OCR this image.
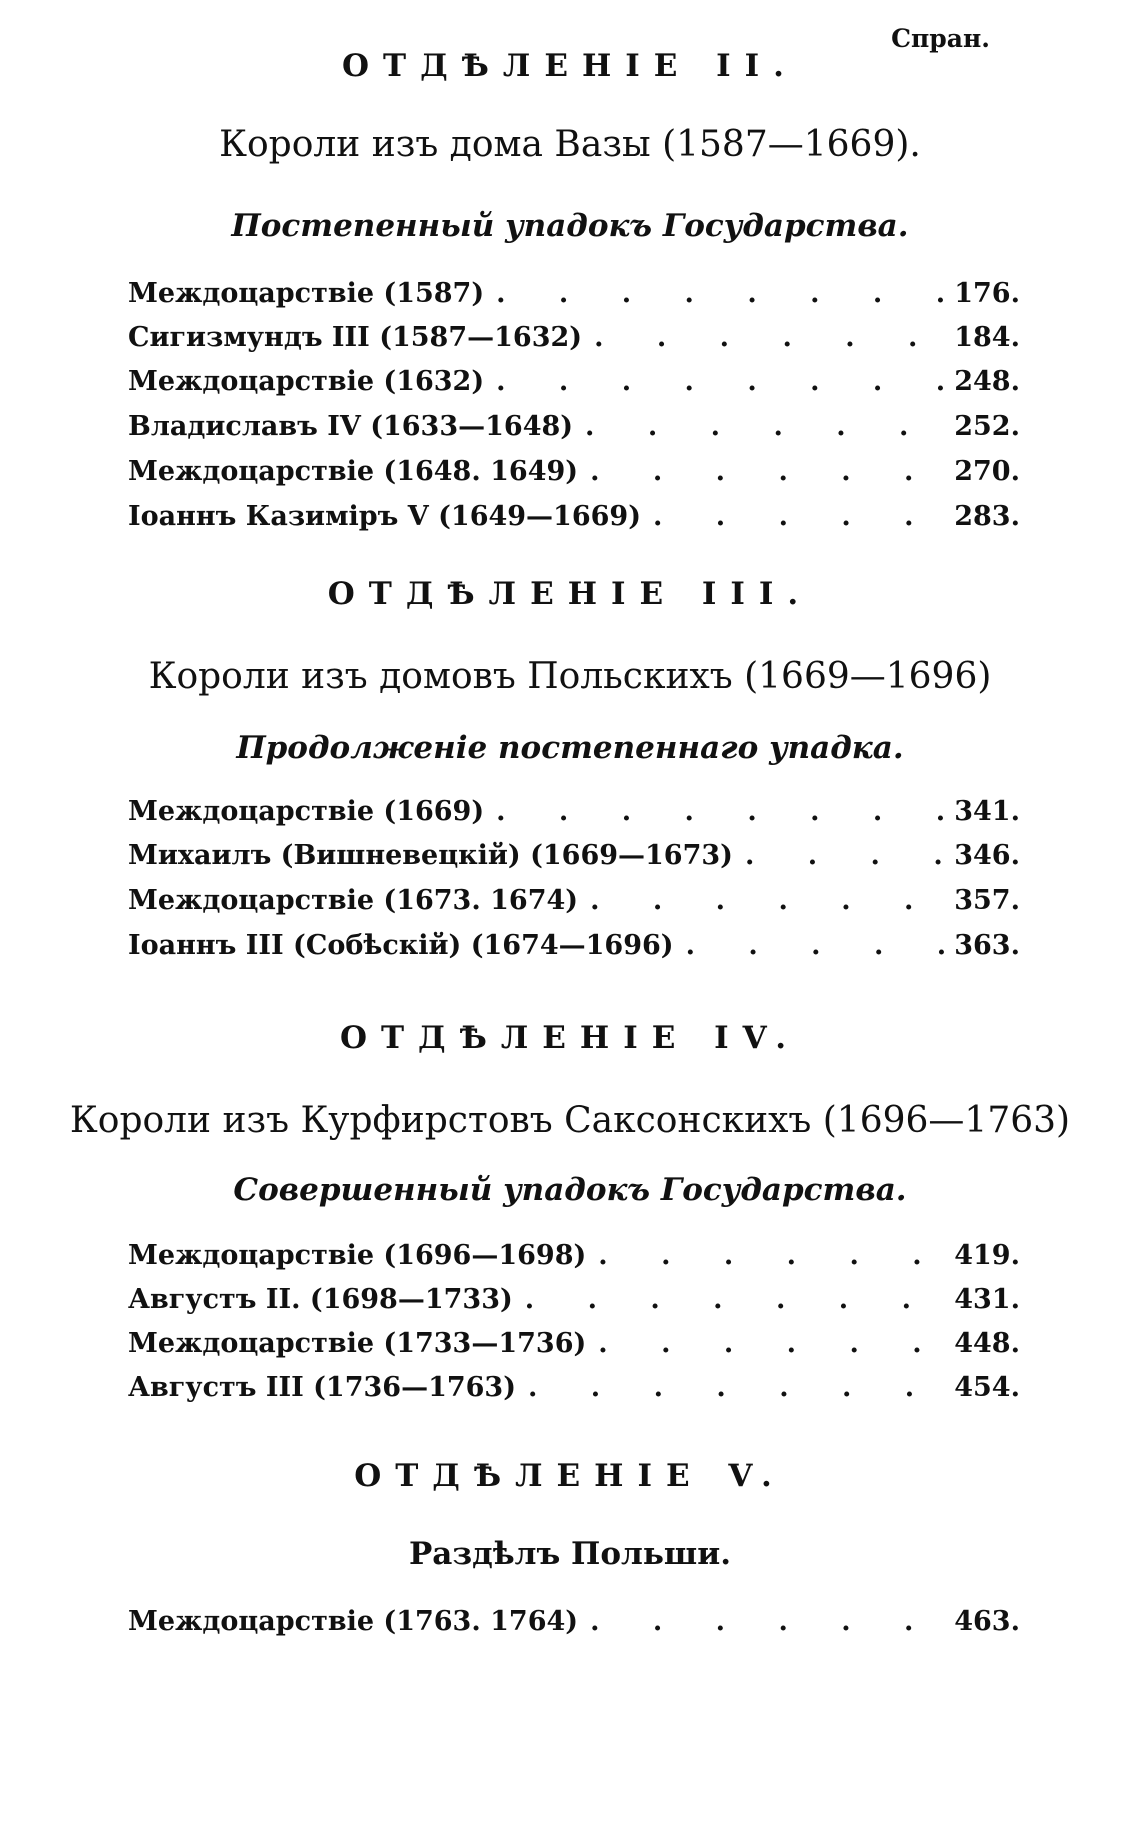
Спран.
ОТДѢЛЕНІЕ II.
Короли изъ дома Вазы (1587—1669).
Постепенный упадокъ Государства.
Междоцарствіе (1587) . . .	176.
Сигизмундъ III (1587—1632) . . .	184.
Междоцарствіе (1632) . . .	248.
Владиславъ IV (1633—1648) . . .	252.
Междоцарствіе (1648. 1649) . . .	270.
Іоаннъ Казиміръ V (1649—1669) . . .	283.
ОТДѢЛЕНІЕ III.
Короли изъ домовъ Польскихъ (1669—1696)
Продолженіе постепеннаго упадка.
Междоцарствіе (1669) . . .	341.
Михаилъ (Вишневецкій) (1669—1673) . . .	346.
Междоцарствіе (1673. 1674) . . .	357.
Іоаннъ III (Собѣскій) (1674—1696) . . .	363.
ОТДѢЛЕНІЕ IV.
Короли изъ Курфирстовъ Саксонскихъ (1696—1763)
Совершенный упадокъ Государства.
Междоцарствіе (1696—1698) . . .	419.
Августъ II. (1698—1733) . . .	431.
Междоцарствіе (1733—1736) . . .	448.
Августъ III (1736—1763) . . .	454.
ОТДѢЛЕНІЕ V.
Раздѣлъ Польши.
Междоцарствіе (1763. 1764) . . .	463.
